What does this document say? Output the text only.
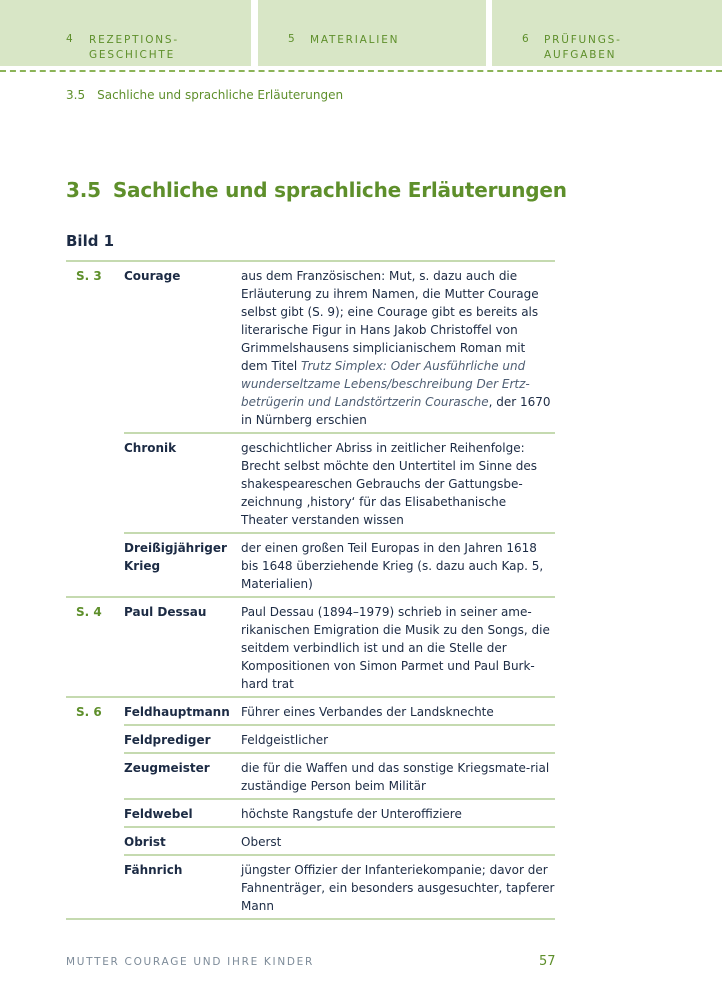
4 REZEPTIONS-
GESCHICHTE
5 MATERIALIEN	6 PRÜFUNGS-
AUFGABEN
3.5 Sachliche und sprachliche Erläuterungen
3.5 Sachliche und sprachliche Erläuterungen
Bild 1
S. 3	Courage	aus dem Französischen: Mut, s. dazu auch die Erläuterung zu ihrem Namen, die Mutter Courage selbst gibt (S. 9); eine Courage gibt es bereits als literarische Figur in Hans Jakob Christoffel von Grimmelshausens simplicianischem Roman mit dem Titel Trutz Simplex: Oder Ausführliche und wunderseltzame Lebens/beschreibung Der Ertz-betrügerin und Landstörtzerin Courasche, der 1670 in Nürnberg erschien
	Chronik	geschichtlicher Abriss in zeitlicher Reihenfolge: Brecht selbst möchte den Untertitel im Sinne des shakespeareschen Gebrauchs der Gattungsbe-zeichnung ‚history‘ für das Elisabethanische Theater verstanden wissen
	Dreißigjähriger Krieg	der einen großen Teil Europas in den Jahren 1618 bis 1648 überziehende Krieg (s. dazu auch Kap. 5, Materialien)
S. 4	Paul Dessau	Paul Dessau (1894–1979) schrieb in seiner ame-rikanischen Emigration die Musik zu den Songs, die seitdem verbindlich ist und an die Stelle der Kompositionen von Simon Parmet und Paul Burk-hard trat
S. 6	Feldhauptmann	Führer eines Verbandes der Landsknechte
	Feldprediger	Feldgeistlicher
	Zeugmeister	die für die Waffen und das sonstige Kriegsmate-rial zuständige Person beim Militär
	Feldwebel	höchste Rangstufe der Unteroffiziere
	Obrist	Oberst
	Fähnrich	jüngster Offizier der Infanteriekompanie; davor der Fahnenträger, ein besonders ausgesuchter, tapferer Mann
MUTTER COURAGE UND IHRE KINDER	57
